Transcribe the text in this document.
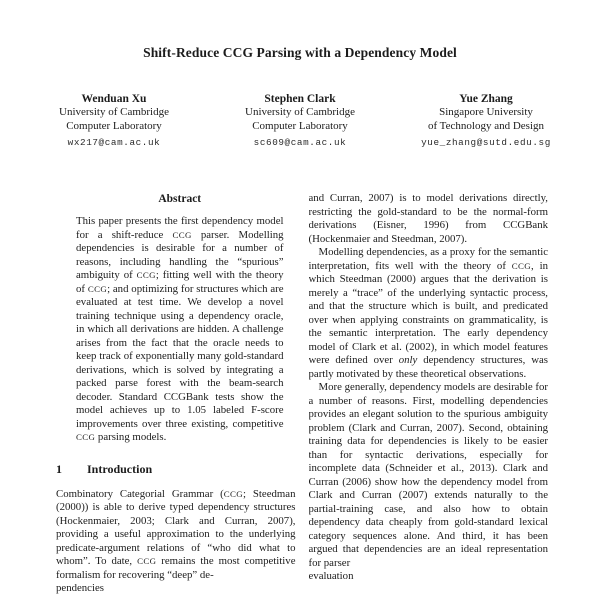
Shift-Reduce CCG Parsing with a Dependency Model
Wenduan Xu
University of Cambridge
Computer Laboratory
wx217@cam.ac.uk
Stephen Clark
University of Cambridge
Computer Laboratory
sc609@cam.ac.uk
Yue Zhang
Singapore University
of Technology and Design
yue_zhang@sutd.edu.sg
Abstract
This paper presents the first dependency model for a shift-reduce CCG parser. Modelling dependencies is desirable for a number of reasons, including handling the “spurious” ambiguity of CCG; fitting well with the theory of CCG; and optimizing for structures which are evaluated at test time. We develop a novel training technique using a dependency oracle, in which all derivations are hidden. A challenge arises from the fact that the oracle needs to keep track of exponentially many gold-standard derivations, which is solved by integrating a packed parse forest with the beam-search decoder. Standard CCGBank tests show the model achieves up to 1.05 labeled F-score improvements over three existing, competitive CCG parsing models.
1 Introduction

Combinatory Categorial Grammar (CCG; Steedman (2000)) is able to derive typed dependency structures (Hockenmaier, 2003; Clark and Curran, 2007), providing a useful approximation to the underlying predicate-argument relations of “who did what to whom”. To date, CCG remains the most competitive formalism for recovering “deep” de-

pendencies

and Curran, 2007) is to model derivations directly, restricting the gold-standard to be the normal-form derivations (Eisner, 1996) from CCGBank (Hockenmaier and Steedman, 2007).

Modelling dependencies, as a proxy for the semantic interpretation, fits well with the theory of CCG, in which Steedman (2000) argues that the derivation is merely a “trace” of the underlying syntactic process, and that the structure which is built, and predicated over when applying constraints on grammaticality, is the semantic interpretation. The early dependency model of Clark et al. (2002), in which model features were defined over only dependency structures, was partly motivated by these theoretical observations.

More generally, dependency models are desirable for a number of reasons. First, modelling dependencies provides an elegant solution to the spurious ambiguity problem (Clark and Curran, 2007). Second, obtaining training data for dependencies is likely to be easier than for syntactic derivations, especially for incomplete data (Schneider et al., 2013). Clark and Curran (2006) show how the dependency model from Clark and Curran (2007) extends naturally to the partial-training case, and also how to obtain dependency data cheaply from gold-standard lexical category sequences alone. And third, it has been argued that dependencies are an ideal representation for parser

evaluation
